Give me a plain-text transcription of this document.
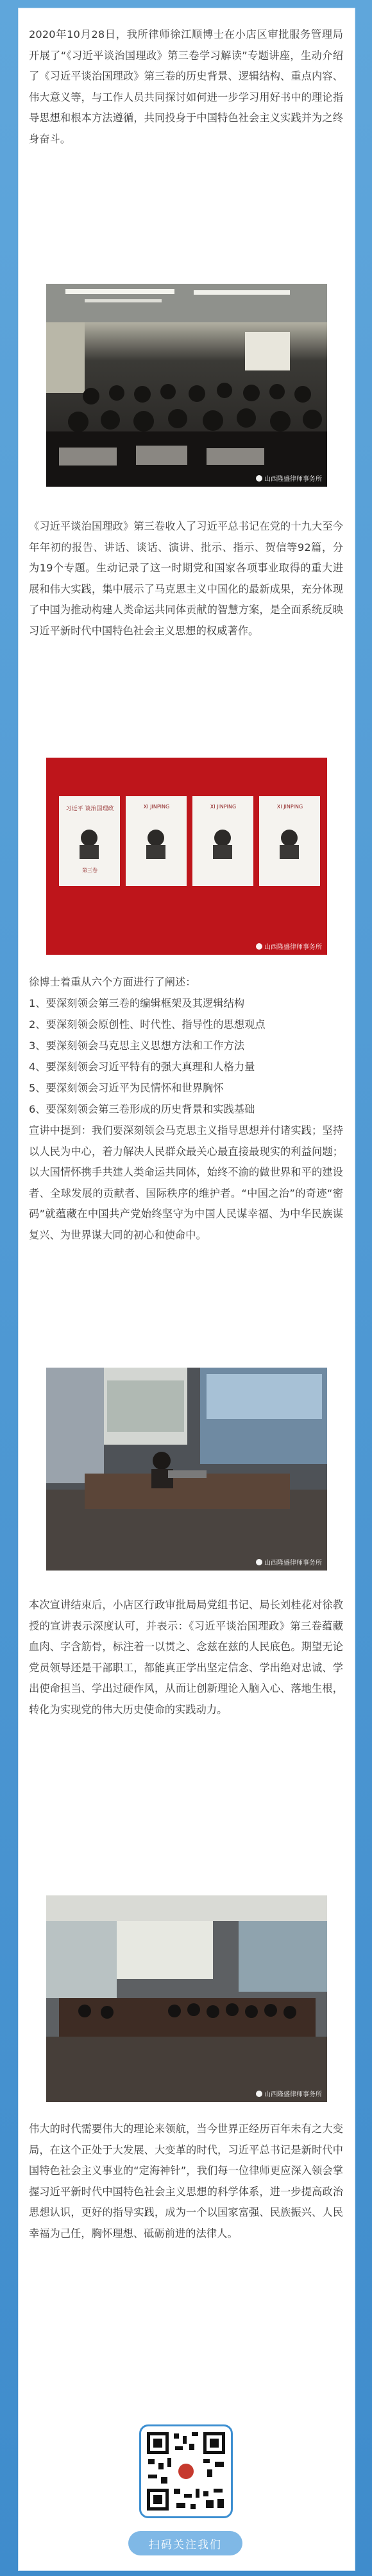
2020年10月28日，我所律师徐江顺博士在小店区审批服务管理局开展了“《习近平谈治国理政》第三卷学习解读”专题讲座，生动介绍了《习近平谈治国理政》第三卷的历史背景、逻辑结构、重点内容、伟大意义等，与工作人员共同探讨如何进一步学习用好书中的理论指导思想和根本方法遵循，共同投身于中国特色社会主义实践并为之终身奋斗。

山西隆盛律师事务所

《习近平谈治国理政》第三卷收入了习近平总书记在党的十九大至今年年初的报告、讲话、谈话、演讲、批示、指示、贺信等92篇，分为19个专题。生动记录了这一时期党和国家各项事业取得的重大进展和伟大实践，集中展示了马克思主义中国化的最新成果，充分体现了中国为推动构建人类命运共同体贡献的智慧方案，是全面系统反映习近平新时代中国特色社会主义思想的权威著作。

习近平 谈治国理政
第三卷
XI JINPING	XI JINPING	XI JINPING
山西隆盛律师事务所

徐博士着重从六个方面进行了阐述：

1、要深刻领会第三卷的编辑框架及其逻辑结构

2、要深刻领会原创性、时代性、指导性的思想观点

3、要深刻领会马克思主义思想方法和工作方法

4、要深刻领会习近平特有的强大真理和人格力量

5、要深刻领会习近平为民情怀和世界胸怀

6、要深刻领会第三卷形成的历史背景和实践基础

宣讲中提到：我们要深刻领会马克思主义指导思想并付诸实践；坚持以人民为中心，着力解决人民群众最关心最直接最现实的利益问题；以大国情怀携手共建人类命运共同体，始终不渝的做世界和平的建设者、全球发展的贡献者、国际秩序的维护者。“中国之治”的奇迹“密码”就蕴藏在中国共产党始终坚守为中国人民谋幸福、为中华民族谋复兴、为世界谋大同的初心和使命中。

山西隆盛律师事务所

本次宣讲结束后，小店区行政审批局局党组书记、局长刘桂花对徐教授的宣讲表示深度认可，并表示：《习近平谈治国理政》第三卷蕴藏血肉、字含筋骨，标注着一以贯之、念兹在兹的人民底色。期望无论党员领导还是干部职工，都能真正学出坚定信念、学出绝对忠诚、学出使命担当、学出过硬作风，从而让创新理论入脑入心、落地生根，转化为实现党的伟大历史使命的实践动力。

山西隆盛律师事务所

伟大的时代需要伟大的理论来领航，当今世界正经历百年未有之大变局，在这个正处于大发展、大变革的时代，习近平总书记是新时代中国特色社会主义事业的“定海神针”，我们每一位律师更应深入领会掌握习近平新时代中国特色社会主义思想的科学体系，进一步提高政治思想认识，更好的指导实践，成为一个以国家富强、民族振兴、人民幸福为己任，胸怀理想、砥砺前进的法律人。

扫码关注我们
